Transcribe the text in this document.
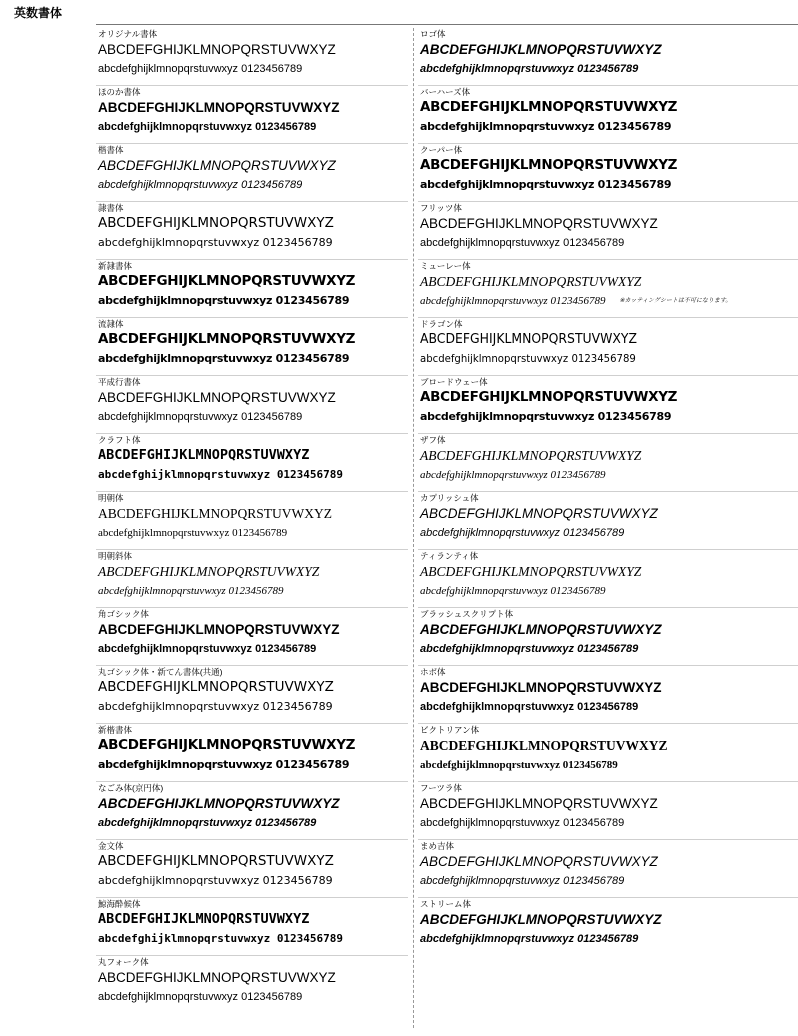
英数書体
オリジナル書体
ABCDEFGHIJKLMNOPQRSTUVWXYZ
abcdefghijklmnopqrstuvwxyz 0123456789
ほのか書体
ABCDEFGHIJKLMNOPQRSTUVWXYZ
abcdefghijklmnopqrstuvwxyz 0123456789
楷書体
ABCDEFGHIJKLMNOPQRSTUVWXYZ
abcdefghijklmnopqrstuvwxyz 0123456789
隷書体
ABCDEFGHIJKLMNOPQRSTUVWXYZ
abcdefghijklmnopqrstuvwxyz 0123456789
新隷書体
ABCDEFGHIJKLMNOPQRSTUVWXYZ
abcdefghijklmnopqrstuvwxyz 0123456789
流隷体
ABCDEFGHIJKLMNOPQRSTUVWXYZ
abcdefghijklmnopqrstuvwxyz 0123456789
平成行書体
ABCDEFGHIJKLMNOPQRSTUVWXYZ
abcdefghijklmnopqrstuvwxyz 0123456789
クラフト体
ABCDEFGHIJKLMNOPQRSTUVWXYZ
abcdefghijklmnopqrstuvwxyz 0123456789
明朝体
ABCDEFGHIJKLMNOPQRSTUVWXYZ
abcdefghijklmnopqrstuvwxyz 0123456789
明朝斜体
ABCDEFGHIJKLMNOPQRSTUVWXYZ
abcdefghijklmnopqrstuvwxyz 0123456789
角ゴシック体
ABCDEFGHIJKLMNOPQRSTUVWXYZ
abcdefghijklmnopqrstuvwxyz 0123456789
丸ゴシック体・新てん書体(共通)
ABCDEFGHIJKLMNOPQRSTUVWXYZ
abcdefghijklmnopqrstuvwxyz 0123456789
新楷書体
ABCDEFGHIJKLMNOPQRSTUVWXYZ
abcdefghijklmnopqrstuvwxyz 0123456789
なごみ体(京円体)
ABCDEFGHIJKLMNOPQRSTUVWXYZ
abcdefghijklmnopqrstuvwxyz 0123456789
金文体
ABCDEFGHIJKLMNOPQRSTUVWXYZ
abcdefghijklmnopqrstuvwxyz 0123456789
鯨海酔候体
ABCDEFGHIJKLMNOPQRSTUVWXYZ
abcdefghijklmnopqrstuvwxyz 0123456789
丸フォーク体
ABCDEFGHIJKLMNOPQRSTUVWXYZ
abcdefghijklmnopqrstuvwxyz 0123456789
ロゴ体
ABCDEFGHIJKLMNOPQRSTUVWXYZ
abcdefghijklmnopqrstuvwxyz 0123456789
バーハーズ体
ABCDEFGHIJKLMNOPQRSTUVWXYZ
abcdefghijklmnopqrstuvwxyz 0123456789
クーパー体
ABCDEFGHIJKLMNOPQRSTUVWXYZ
abcdefghijklmnopqrstuvwxyz 0123456789
フリッツ体
ABCDEFGHIJKLMNOPQRSTUVWXYZ
abcdefghijklmnopqrstuvwxyz 0123456789
ミューレー体
ABCDEFGHIJKLMNOPQRSTUVWXYZ
abcdefghijklmnopqrstuvwxyz 0123456789 ※カッティングシートは不可になります。
ドラゴン体
ABCDEFGHIJKLMNOPQRSTUVWXYZ
abcdefghijklmnopqrstuvwxyz 0123456789
ブロードウェー体
ABCDEFGHIJKLMNOPQRSTUVWXYZ
abcdefghijklmnopqrstuvwxyz 0123456789
ザフ体
ABCDEFGHIJKLMNOPQRSTUVWXYZ
abcdefghijklmnopqrstuvwxyz 0123456789
カプリッシュ体
ABCDEFGHIJKLMNOPQRSTUVWXYZ
abcdefghijklmnopqrstuvwxyz 0123456789
ティランティ体
ABCDEFGHIJKLMNOPQRSTUVWXYZ
abcdefghijklmnopqrstuvwxyz 0123456789
ブラッシュスクリプト体
ABCDEFGHIJKLMNOPQRSTUVWXYZ
abcdefghijklmnopqrstuvwxyz 0123456789
ホボ体
ABCDEFGHIJKLMNOPQRSTUVWXYZ
abcdefghijklmnopqrstuvwxyz 0123456789
ビクトリアン体
ABCDEFGHIJKLMNOPQRSTUVWXYZ
abcdefghijklmnopqrstuvwxyz 0123456789
フーツラ体
ABCDEFGHIJKLMNOPQRSTUVWXYZ
abcdefghijklmnopqrstuvwxyz 0123456789
まめ吉体
ABCDEFGHIJKLMNOPQRSTUVWXYZ
abcdefghijklmnopqrstuvwxyz 0123456789
ストリーム体
ABCDEFGHIJKLMNOPQRSTUVWXYZ
abcdefghijklmnopqrstuvwxyz 0123456789
